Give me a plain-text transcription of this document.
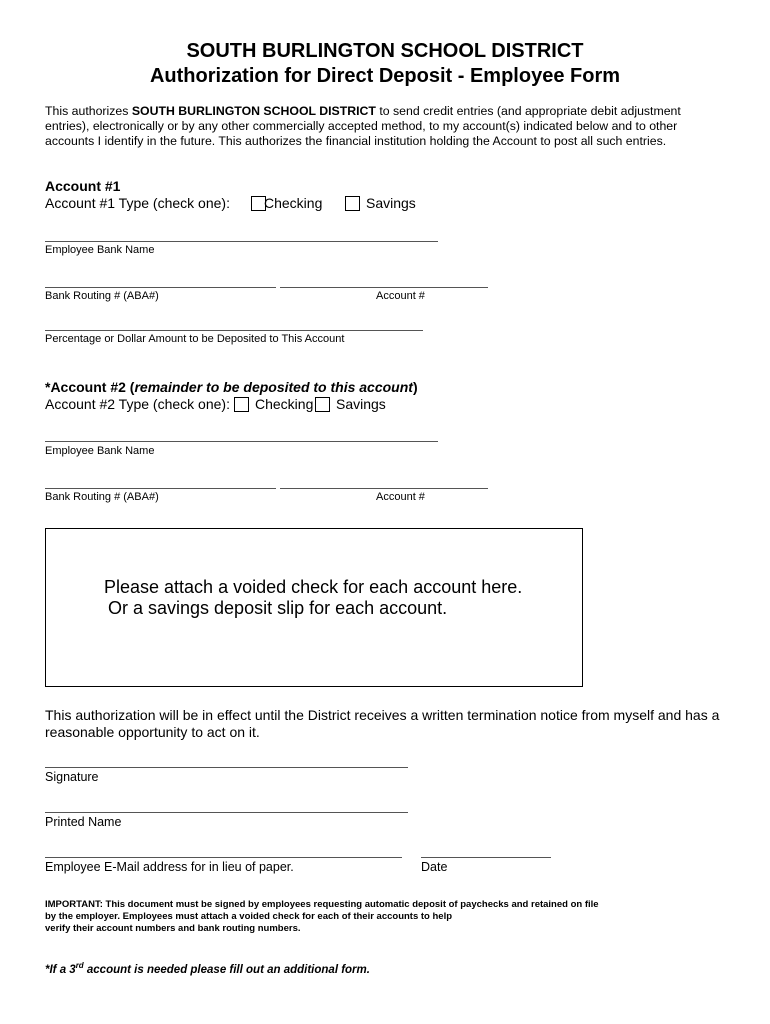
SOUTH BURLINGTON SCHOOL DISTRICT
Authorization for Direct Deposit - Employee Form
This authorizes SOUTH BURLINGTON SCHOOL DISTRICT to send credit entries (and appropriate debit adjustment entries), electronically or by any other commercially accepted method, to my account(s) indicated below and to other accounts I identify in the future. This authorizes the financial institution holding the Account to post all such entries.
Account #1
Account #1 Type (check one): Checking	Savings
Employee Bank Name
Bank Routing # (ABA#)	Account #
Percentage or Dollar Amount to be Deposited to This Account
*Account #2 (remainder to be deposited to this account)
Account #2 Type (check one): Checking Savings
Employee Bank Name
Bank Routing # (ABA#)	Account #
Please attach a voided check for each account here.
Or a savings deposit slip for each account.
This authorization will be in effect until the District receives a written termination notice from myself and has a
reasonable opportunity to act on it.
Signature
Printed Name
Employee E-Mail address for in lieu of paper.	Date
IMPORTANT: This document must be signed by employees requesting automatic deposit of paychecks and retained on file
by the employer. Employees must attach a voided check for each of their accounts to help
verify their account numbers and bank routing numbers.
*If a 3rd account is needed please fill out an additional form.
